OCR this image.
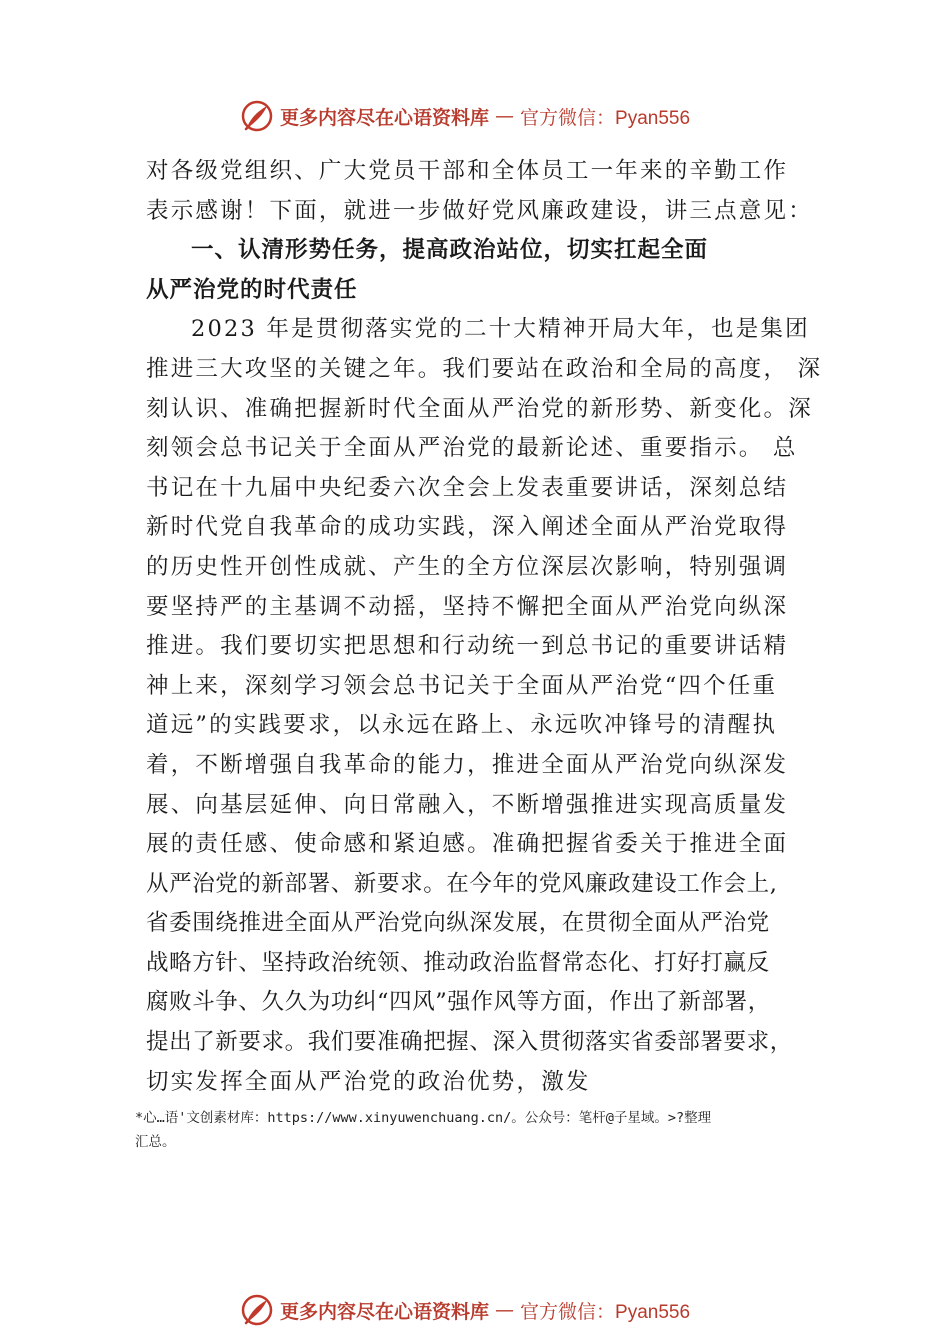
更多内容尽在心语资料库 — 官方微信：Pyan556
对各级党组织、广大党员干部和全体员工一年来的辛勤工作
表示感谢！下面，就进一步做好党风廉政建设，讲三点意见：
一、认清形势任务，提高政治站位，切实扛起全面
从严治党的时代责任
2023 年是贯彻落实党的二十大精神开局大年，也是集团
推进三大攻坚的关键之年。我们要站在政治和全局的高度， 深
刻认识、准确把握新时代全面从严治党的新形势、新变化。深
刻领会总书记关于全面从严治党的最新论述、重要指示。 总
书记在十九届中央纪委六次全会上发表重要讲话，深刻总结
新时代党自我革命的成功实践，深入阐述全面从严治党取得
的历史性开创性成就、产生的全方位深层次影响，特别强调
要坚持严的主基调不动摇，坚持不懈把全面从严治党向纵深
推进。我们要切实把思想和行动统一到总书记的重要讲话精
神上来，深刻学习领会总书记关于全面从严治党“四个任重
道远”的实践要求，以永远在路上、永远吹冲锋号的清醒执
着，不断增强自我革命的能力，推进全面从严治党向纵深发
展、向基层延伸、向日常融入，不断增强推进实现高质量发
展的责任感、使命感和紧迫感。准确把握省委关于推进全面
从严治党的新部署、新要求。在今年的党风廉政建设工作会上,
省委围绕推进全面从严治党向纵深发展，在贯彻全面从严治党
战略方针、坚持政治统领、推动政治监督常态化、打好打赢反
腐败斗争、久久为功纠“四风”强作风等方面，作出了新部署，
提出了新要求。我们要准确把握、深入贯彻落实省委部署要求，
切实发挥全面从严治党的政治优势，激发
*心…语'文创素材库：https://www.xinyuwenchuang.cn/。公众号：笔杆@子星域。>?整理
汇总。
更多内容尽在心语资料库 — 官方微信：Pyan556
